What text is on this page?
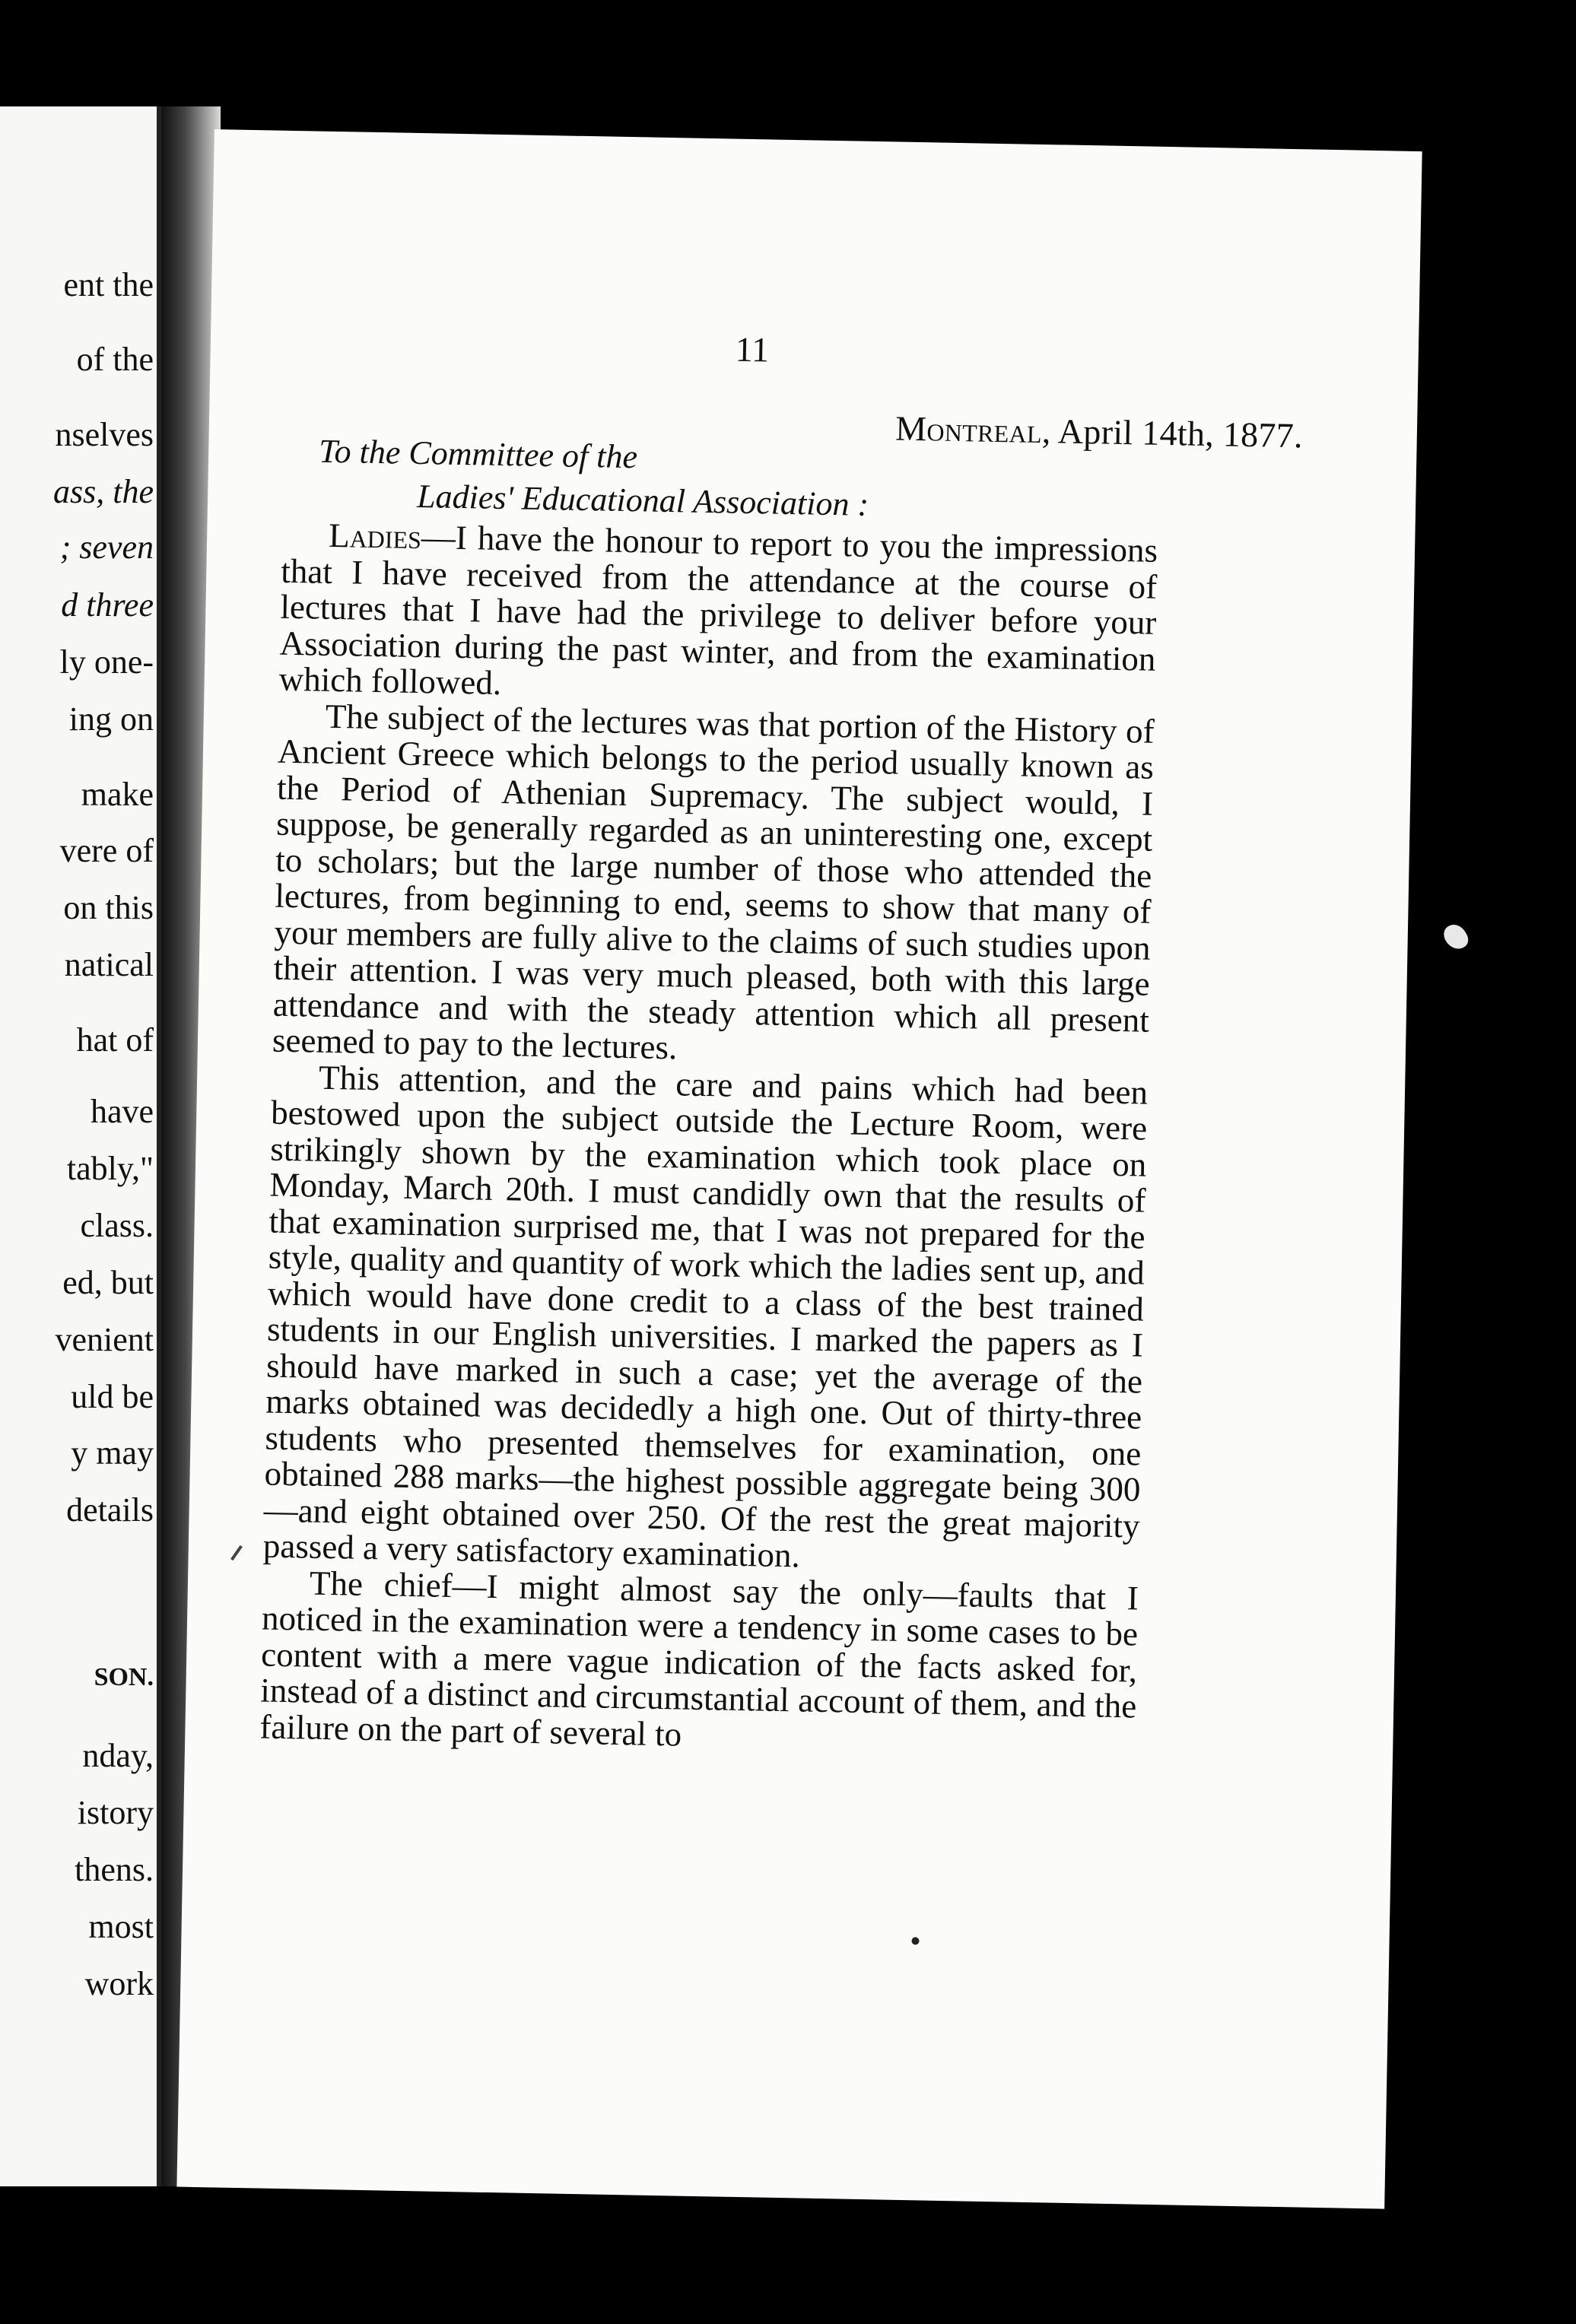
ent the
of the
nselves
ass, the
; seven
d three
ly one-
ing on
make
vere of
on this
natical
hat of
have
tably,"
class.
ed, but
venient
uld be
y may
details
SON.
nday,
istory
thens.
most
work
11
Montreal, April 14th, 1877.
To the Committee of the
Ladies' Educational Association :

Ladies—I have the honour to report to you the impressions that I have received from the attendance at the course of lectures that I have had the privilege to deliver before your Association during the past winter, and from the examination which followed.

The subject of the lectures was that portion of the History of Ancient Greece which belongs to the period usually known as the Period of Athenian Supremacy. The subject would, I suppose, be generally regarded as an uninteresting one, except to scholars; but the large number of those who attended the lectures, from beginning to end, seems to show that many of your members are fully alive to the claims of such studies upon their attention. I was very much pleased, both with this large attendance and with the steady attention which all present seemed to pay to the lectures.

This attention, and the care and pains which had been bestowed upon the subject outside the Lecture Room, were strikingly shown by the examination which took place on Monday, March 20th. I must candidly own that the results of that examination surprised me, that I was not prepared for the style, quality and quantity of work which the ladies sent up, and which would have done credit to a class of the best trained students in our English universities. I marked the papers as I should have marked in such a case; yet the average of the marks obtained was decidedly a high one. Out of thirty-three students who presented themselves for examination, one obtained 288 marks—the highest possible aggregate being 300—and eight obtained over 250. Of the rest the great majority passed a very satisfactory examination.

The chief—I might almost say the only—faults that I noticed in the examination were a tendency in some cases to be content with a mere vague indication of the facts asked for, instead of a distinct and circumstantial account of them, and the failure on the part of several to
